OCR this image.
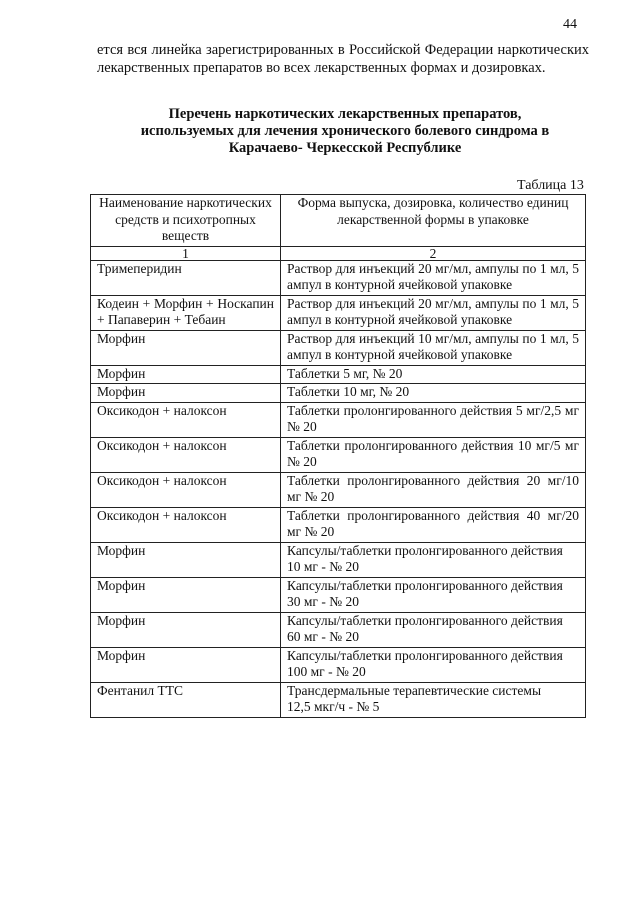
44

ется вся линейка зарегистрированных в Российской Федерации наркотических лекарственных препаратов во всех лекарственных формах и дозировках.

Перечень наркотических лекарственных препаратов,
используемых для лечения хронического болевого синдрома в
Карачаево- Черкесской Республике
Таблица 13
Наименование наркотических средств и психотропных веществ	Форма выпуска, дозировка, количество единиц лекарственной формы в упаковке
1	2
Тримеперидин	Раствор для инъекций 20 мг/мл, ампулы по 1 мл, 5 ампул в контурной ячейковой упаковке
Кодеин + Морфин + Носкапин + Папаверин + Тебаин	Раствор для инъекций 20 мг/мл, ампулы по 1 мл, 5 ампул в контурной ячейковой упаковке
Морфин	Раствор для инъекций 10 мг/мл, ампулы по 1 мл, 5 ампул в контурной ячейковой упаковке
Морфин	Таблетки 5 мг, № 20
Морфин	Таблетки 10 мг, № 20
Оксикодон + налоксон	Таблетки пролонгированного действия 5 мг/2,5 мг № 20
Оксикодон + налоксон	Таблетки пролонгированного действия 10 мг/5 мг № 20
Оксикодон + налоксон	Таблетки пролонгированного действия 20 мг/10 мг № 20
Оксикодон + налоксон	Таблетки пролонгированного действия 40 мг/20 мг № 20
Морфин	Капсулы/таблетки пролонгированного действия
10 мг - № 20
Морфин	Капсулы/таблетки пролонгированного действия
30 мг - № 20
Морфин	Капсулы/таблетки пролонгированного действия
60 мг - № 20
Морфин	Капсулы/таблетки пролонгированного действия
100 мг - № 20
Фентанил ТТС	Трансдермальные терапевтические системы
12,5 мкг/ч - № 5
